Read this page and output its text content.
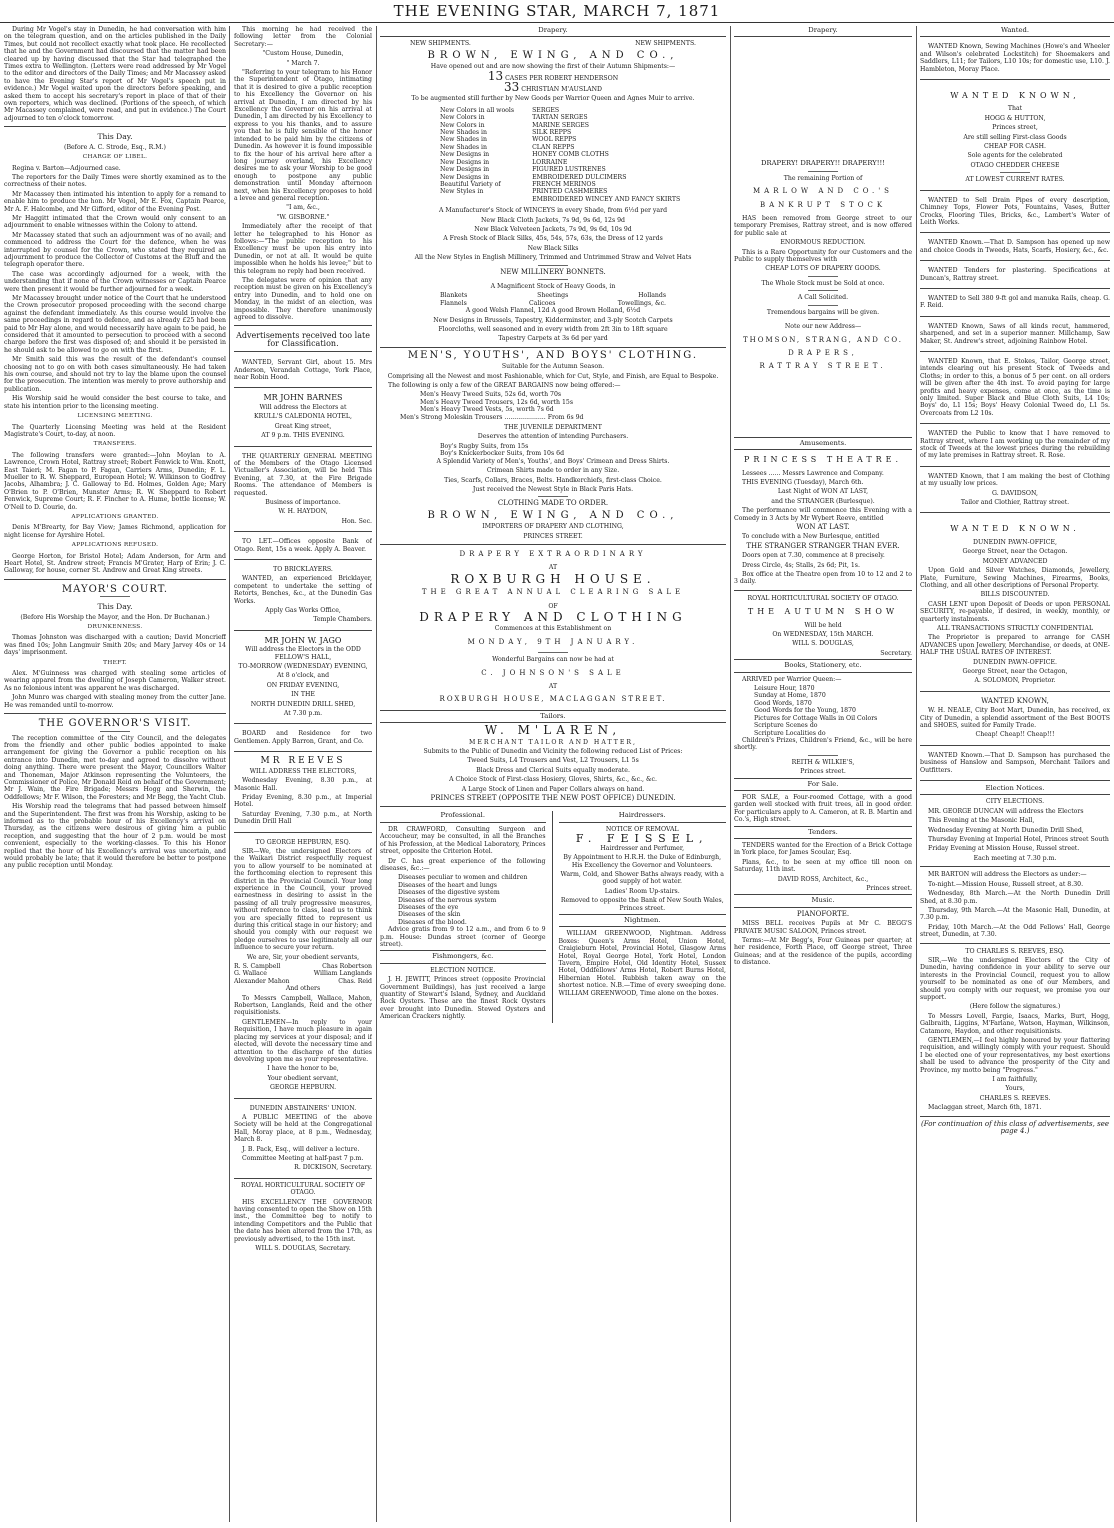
THE EVENING STAR, MARCH 7, 1871

During Mr Vogel's stay in Dunedin, he had conversation with him on the telegram question, and on the articles published in the Daily Times, but could not recollect exactly what took place. He recollected that he and the Government had discoursed that the matter had been cleared up by having discussed that the Star had telegraphed the Times extra to Wellington. (Letters were read addressed by Mr Vogel to the editor and directors of the Daily Times; and Mr Macassey asked to have the Evening Star's report of Mr Vogel's speech put in evidence.) Mr Vogel waited upon the directors before speaking, and asked them to accept his secretary's report in place of that of their own reporters, which was declined. (Portions of the speech, of which Mr Macassey complained, were read, and put in evidence.) The Court adjourned to ten o'clock tomorrow.

This Day.

(Before A. C. Strode, Esq., R.M.)

CHARGE OF LIBEL.

Regina v. Barton—Adjourned case.

The reporters for the Daily Times were shortly examined as to the correctness of their notes.

Mr Macassey then intimated his intention to apply for a remand to enable him to produce the hon. Mr Vogel, Mr E. Fox, Captain Pearce, Mr A. F. Halcombe, and Mr Gifford, editor of the Evening Post.

Mr Haggitt intimated that the Crown would only consent to an adjournment to enable witnesses within the Colony to attend.

Mr Macassey stated that such an adjournment was of no avail; and commenced to address the Court for the defence, when he was interrupted by counsel for the Crown, who stated they required an adjournment to produce the Collector of Customs at the Bluff and the telegraph operator there.

The case was accordingly adjourned for a week, with the understanding that if none of the Crown witnesses or Captain Pearce were then present it would be further adjourned for a week.

Mr Macassey brought under notice of the Court that he understood the Crown prosecutor proposed proceeding with the second charge against the defendant immediately. As this course would involve the same proceedings in regard to defence, and as already £25 had been paid to Mr Hay alone, and would necessarily have again to be paid, he considered that it amounted to persecution to proceed with a second charge before the first was disposed of; and should it be persisted in he should ask to be allowed to go on with the first.

Mr Smith said this was the result of the defendant's counsel choosing not to go on with both cases simultaneously. He had taken his own course, and should not try to lay the blame upon the counsel for the prosecution. The intention was merely to prove authorship and publication.

His Worship said he would consider the best course to take, and state his intention prior to the licensing meeting.

LICENSING MEETING.

The Quarterly Licensing Meeting was held at the Resident Magistrate's Court, to-day, at noon.

TRANSFERS.

The following transfers were granted:—John Moylan to A. Lawrence, Crown Hotel, Rattray street; Robert Fenwick to Wm. Knott, East Taieri; M. Fagan to P. Fagan, Carriers Arms, Dunedin; F. L. Mueller to R. W. Sheppard, European Hotel; W. Wilkinson to Godfrey Jacobs, Alhambra; J. C. Galloway to Ed. Holmes, Golden Age; Mary O'Brien to P. O'Brien, Munster Arms; R. W. Sheppard to Robert Fenwick, Supreme Court; R. F. Fincher to A. Hume, bottle license; W. O'Neil to D. Courie, do.

APPLICATIONS GRANTED.

Denis M'Brearty, for Bay View; James Richmond, application for night license for Ayrshire Hotel.

APPLICATIONS REFUSED.

George Horton, for Bristol Hotel; Adam Anderson, for Arm and Heart Hotel, St. Andrew street; Francis M'Grater, Harp of Erin; J. C. Galloway, for house, corner St. Andrew and Great King streets.

MAYOR'S COURT.
This Day.

(Before His Worship the Mayor, and the Hon. Dr Buchanan.)

DRUNKENNESS.

Thomas Johnston was discharged with a caution; David Moncrieff was fined 10s; John Langmuir Smith 20s; and Mary Jarvey 40s or 14 days' imprisonment.

THEFT.

Alex. M'Guinness was charged with stealing some articles of wearing apparel from the dwelling of Joseph Cameron, Walker street. As no felonious intent was apparent he was discharged.

John Munro was charged with stealing money from the cutter Jane. He was remanded until to-morrow.

THE GOVERNOR'S VISIT.

The reception committee of the City Council, and the delegates from the friendly and other public bodies appointed to make arrangement for giving the Governor a public reception on his entrance into Dunedin, met to-day and agreed to dissolve without doing anything. There were present the Mayor, Councillors Walter and Thoneman, Major Atkinson representing the Volunteers, the Commissioner of Police, Mr Donald Reid on behalf of the Government; Mr J. Wain, the Fire Brigade; Messrs Hogg and Sherwin, the Oddfellows; Mr F. Wilson, the Foresters; and Mr Begg, the Yacht Club.

His Worship read the telegrams that had passed between himself and the Superintendent. The first was from his Worship, asking to be informed as to the probable hour of his Excellency's arrival on Thursday, as the citizens were desirous of giving him a public reception, and suggesting that the hour of 2 p.m. would be most convenient, especially to the working-classes. To this his Honor replied that the hour of his Excellency's arrival was uncertain, and would probably be late; that it would therefore be better to postpone any public reception until Monday.

This morning he had received the following letter from the Colonial Secretary:—

"Custom House, Dunedin,

" March 7.

"Referring to your telegram to his Honor the Superintendent of Otago, intimating that it is desired to give a public reception to his Excellency the Governor on his arrival at Dunedin, I am directed by his Excellency the Governor on his arrival at Dunedin, I am directed by his Excellency to express to you his thanks, and to assure you that he is fully sensible of the honor intended to be paid him by the citizens of Dunedin. As however it is found impossible to fix the hour of his arrival here after a long journey overland, his Excellency desires me to ask your Worship to be good enough to postpone any public demonstration until Monday afternoon next, when his Excellency proposes to hold a levee and general reception.

"I am, &c.,

"W. GISBORNE."

Immediately after the receipt of that letter he telegraphed to his Honor as follows:—"The public reception to his Excellency must be upon his entry into Dunedin, or not at all. It would be quite impossible when he holds his levee;" but to this telegram no reply had been received.

The delegates were of opinion that any reception must be given on his Excellency's entry into Dunedin, and to hold one on Monday, in the midst of an election, was impossible. They therefore unanimously agreed to dissolve.

Advertisements received too late for Classification.

WANTED, Servant Girl, about 15. Mrs Anderson, Verandah Cottage, York Place, near Robin Hood.

MR JOHN BARNES

Will address the Electors at

KRULL'S CALEDONIA HOTEL,

Great King street,

AT 9 p.m. THIS EVENING.

THE QUARTERLY GENERAL MEETING of the Members of the Otago Licensed Victualler's Association, will be held This Evening, at 7.30, at the Fire Brigade Rooms. The attendance of Members is requested.

Business of importance.

W. H. HAYDON,

Hon. Sec.

TO LET.—Offices opposite Bank of Otago. Rent, 15s a week. Apply A. Beaver.

TO BRICKLAYERS.

WANTED, an experienced Bricklayer, competent to undertake the setting of Retorts, Benches, &c., at the Dunedin Gas Works.

Apply Gas Works Office,

Temple Chambers.

MR JOHN W. JAGO

Will address the Electors in the ODD FELLOW'S HALL,

TO-MORROW (WEDNESDAY) EVENING,

At 8 o'clock, and

ON FRIDAY EVENING,

IN THE

NORTH DUNEDIN DRILL SHED,

At 7.30 p.m.

BOARD and Residence for two Gentlemen. Apply Barron, Grant, and Co.

MR REEVES

WILL ADDRESS THE ELECTORS,

Wednesday Evening, 8.30 p.m., at Masonic Hall.

Friday Evening, 8.30 p.m., at Imperial Hotel.

Saturday Evening, 7.30 p.m., at North Dunedin Drill Hall

TO GEORGE HEPBURN, ESQ.

SIR—We, the undersigned Electors of the Waikari District respectfully request you to allow yourself to be nominated at the forthcoming election to represent this district in the Provincial Council. Your long experience in the Council, your proved earnestness in desiring to assist in the passing of all truly progressive measures, without reference to class, lead us to think you are specially fitted to represent us during this critical stage in our history; and should you comply with our request we pledge ourselves to use legitimately all our influence to secure your return.

We are, Sir, your obedient servants,

R. S. Campbell	Chas Robertson

G. Wallace	William Langlands

Alexander Mahon	Chas. Reid

And others

To Messrs Campbell, Wallace, Mahon, Robertson, Langlands, Reid and the other requisitionists.

GENTLEMEN—In reply to your Requisition, I have much pleasure in again placing my services at your disposal; and if elected, will devote the necessary time and attention to the discharge of the duties devolving upon me as your representative.

I have the honor to be,

Your obedient servant,

GEORGE HEPBURN.

DUNEDIN ABSTAINERS' UNION.

A PUBLIC MEETING of the above Society will be held at the Congregational Hall, Moray place, at 8 p.m., Wednesday, March 8.

J. B. Pack, Esq., will deliver a lecture.

Committee Meeting at half-past 7 p.m.

R. DICKISON, Secretary.

ROYAL HORTICULTURAL SOCIETY OF OTAGO.

HIS EXCELLENCY THE GOVERNOR having consented to open the Show on 15th inst., the Committee beg to notify to intending Competitors and the Public that the date has been altered from the 17th, as previously advertised, to the 15th inst.

WILL S. DOUGLAS, Secretary.

Drapery.

NEW SHIPMENTS.	NEW SHIPMENTS.

BROWN, EWING, AND CO.,

Have opened out and are now showing the first of their Autumn Shipments:—

13 CASES PER ROBERT HENDERSON

33 CHRISTIAN M'AUSLAND

To be augmented still further by New Goods per Warrior Queen and Agnes Muir to arrive.

New Colors in all wools
New Colors in
New Colors in
New Shades in
New Shades in
New Shades in
New Designs in
New Designs in
New Designs in
New Designs in
Beautiful Variety of
New Styles in
SERGES
TARTAN SERGES
MARINE SERGES
SILK REPPS
WOOL REPPS
CLAN REPPS
HONEY COMB CLOTHS
LORRAINE
FIGURED LUSTRENES
EMBROIDERED DULCIMERS
FRENCH MERINOS
PRINTED CASHMERES
EMBROIDERED WINCEY AND FANCY SKIRTS

A Manufacturer's Stock of WINCEYS in every Shade, from 6½d per yard

New Black Cloth Jackets, 7s 9d, 9s 6d, 12s 9d

New Black Velveteen Jackets, 7s 9d, 9s 6d, 10s 9d

A Fresh Stock of Black Silks, 45s, 54s, 57s, 63s, the Dress of 12 yards

New Black Silks

All the New Styles in English Millinery, Trimmed and Untrimmed Straw and Velvet Hats

NEW MILLINERY BONNETS.

A Magnificent Stock of Heavy Goods, in

Blankets	Sheetings	Hollands

Flannels	Calicoes	Towellings, &c.

A good Welsh Flannel, 12d A good Brown Holland, 6½d

New Designs in Brussels, Tapestry, Kidderminster, and 3-ply Scotch Carpets

Floorcloths, well seasoned and in every width from 2ft 3in to 18ft square

Tapestry Carpets at 3s 6d per yard

MEN'S, YOUTHS', AND BOYS' CLOTHING.

Suitable for the Autumn Season.

Comprising all the Newest and most Fashionable, which for Cut, Style, and Finish, are Equal to Bespoke.

The following is only a few of the GREAT BARGAINS now being offered:—

Men's Heavy Tweed Suits, 52s 6d, worth 70s

Men's Heavy Tweed Trousers, 12s 6d, worth 15s

Men's Heavy Tweed Vests, 5s, worth 7s 6d

Men's Strong Moleskin Trousers ..................... From 6s 9d

THE JUVENILE DEPARTMENT

Deserves the attention of intending Purchasers.

Boy's Rugby Suits, from 15s

Boy's Knickerbocker Suits, from 10s 6d

A Splendid Variety of Men's, Youths', and Boys' Crimean and Dress Shirts.

Crimean Shirts made to order in any Size.

Ties, Scarfs, Collars, Braces, Belts. Handkerchiefs, first-class Choice.

Just received the Newest Style in Black Paris Hats.

CLOTHING MADE TO ORDER.

BROWN, EWING, AND CO.,

IMPORTERS OF DRAPERY AND CLOTHING,

PRINCES STREET.

DRAPERY EXTRAORDINARY

AT

ROXBURGH HOUSE.

THE GREAT ANNUAL CLEARING SALE

OF

DRAPERY AND CLOTHING

Commences at this Establishment on

MONDAY, 9TH JANUARY.

Wonderful Bargains can now be had at

C. JOHNSON'S SALE

AT

ROXBURGH HOUSE, MACLAGGAN STREET.

Tailors.
W. M'LAREN,

MERCHANT TAILOR AND HATTER,

Submits to the Public of Dunedin and Vicinity the following reduced List of Prices:

Tweed Suits, L4 Trousers and Vest, L2 Trousers, L1 5s

Black Dress and Clerical Suits equally moderate.

A Choice Stock of First-class Hosiery, Gloves, Shirts, &c., &c., &c.

A Large Stock of Linen and Paper Collars always on hand.

PRINCES STREET (OPPOSITE THE NEW POST OFFICE) DUNEDIN.

Professional.

DR CRAWFORD, Consulting Surgeon and Accoucheur, may be consulted, in all the Branches of his Profession, at the Medical Laboratory, Princes street, opposite the Criterion Hotel.

Dr C. has great experience of the following diseases, &c.:—

Diseases peculiar to women and children
Diseases of the heart and lungs
Diseases of the digestive system
Diseases of the nervous system
Diseases of the eye
Diseases of the skin
Diseases of the blood.

Advice gratis from 9 to 12 a.m., and from 6 to 9 p.m. House: Dundas street (corner of George street).

Fishmongers, &c.

ELECTION NOTICE.

J. H. JEWITT, Princes street (opposite Provincial Government Buildings), has just received a large quantity of Stewart's Island, Sydney, and Auckland Rock Oysters. These are the finest Rock Oysters ever brought into Dunedin. Stewed Oysters and American Crackers nightly.

Hairdressers.

NOTICE OF REMOVAL

F. FEISSEL,

Hairdresser and Perfumer,

By Appointment to H.R.H. the Duke of Edinburgh, His Excellency the Governor and Volunteers.

Warm, Cold, and Shower Baths always ready, with a good supply of hot water.

Ladies' Room Up-stairs.

Removed to opposite the Bank of New South Wales, Princes street.

Nightmen.

WILLIAM GREENWOOD, Nightman. Address Boxes: Queen's Arms Hotel, Union Hotel, Craigieburn Hotel, Provincial Hotel, Glasgow Arms Hotel, Royal George Hotel, York Hotel, London Tavern, Empire Hotel, Old Identity Hotel, Sussex Hotel, Oddfellows' Arms Hotel, Robert Burns Hotel, Hibernian Hotel. Rubbish taken away on the shortest notice. N.B.—Time of every sweeping done. WILLIAM GREENWOOD, Time alone on the boxes.

Drapery.

DRAPERY! DRAPERY!! DRAPERY!!!

The remaining Portion of

MARLOW AND CO.'S

BANKRUPT STOCK

HAS been removed from George street to our temporary Premises, Rattray street, and is now offered for public sale at

ENORMOUS REDUCTION.

This is a Rare Opportunity for our Customers and the Public to supply themselves with

CHEAP LOTS OF DRAPERY GOODS.

The Whole Stock must be Sold at once.

A Call Solicited.

Tremendous bargains will be given.

Note our new Address—

THOMSON, STRANG, AND CO.

DRAPERS,

RATTRAY STREET.

Amusements.

PRINCESS THEATRE.

Lessees ...... Messrs Lawrence and Company.

THIS EVENING (Tuesday), March 6th.

Last Night of WON AT LAST,

and the STRANGER (Burlesque).

The performance will commence this Evening with a Comedy in 3 Acts by Mr Wybert Reeve, entitled

WON AT LAST.

To conclude with a New Burlesque, entitled

THE STRANGER STRANGER THAN EVER.

Doors open at 7.30, commence at 8 precisely.

Dress Circle, 4s; Stalls, 2s 6d; Pit, 1s.

Box office at the Theatre open from 10 to 12 and 2 to 3 daily.

ROYAL HORTICULTURAL SOCIETY OF OTAGO.

THE AUTUMN SHOW

Will be held

On WEDNESDAY, 15th MARCH.

WILL S. DOUGLAS,

Secretary.

Books, Stationery, etc.

ARRIVED per Warrior Queen:—

Leisure Hour, 1870
Sunday at Home, 1870
Good Words, 1870
Good Words for the Young, 1870
Pictures for Cottage Walls in Oil Colors
Scripture Scenes do
Scripture Localities do

Children's Prizes, Children's Friend, &c., will be here shortly.

REITH & WILKIE'S,

Princes street.

For Sale.

FOR SALE, a Four-roomed Cottage, with a good garden well stocked with fruit trees, all in good order. For particulars apply to A. Cameron, at R. B. Martin and Co.'s, High street.

Tenders.

TENDERS wanted for the Erection of a Brick Cottage in York place, for James Scoular, Esq.

Plans, &c., to be seen at my office till noon on Saturday, 11th inst.

DAVID ROSS, Architect, &c.,

Princes street.

Music.

PIANOFORTE.

MISS BELL receives Pupils at Mr C. BEGG'S PRIVATE MUSIC SALOON, Princes street.

Terms:—At Mr Begg's, Four Guineas per quarter; at her residence, Forth Place, off George street, Three Guineas; and at the residence of the pupils, according to distance.

Wanted.

WANTED Known, Sewing Machines (Howe's and Wheeler and Wilson's celebrated Lockstitch) for Shoemakers and Saddlers, L11; for Tailors, L10 10s; for domestic use, L10. J. Hambleton, Moray Place.

WANTED KNOWN,

That

HOGG & HUTTON,

Princes street,

Are still selling First-class Goods

CHEAP FOR CASH.

Sole agents for the celebrated

OTAGO CHEDDER CHEESE

AT LOWEST CURRENT RATES.

WANTED to Sell Drain Pipes of every description, Chimney Tops, Flower Pots, Fountains, Vases, Butter Crocks, Flooring Tiles, Bricks, &c., Lambert's Water of Leith Works.

WANTED Known.—That D. Sampson has opened up new and choice Goods in Tweeds, Hats, Scarfs, Hosiery, &c., &c.

WANTED Tenders for plastering. Specifications at Duncan's, Rattray street.

WANTED to Sell 380 9-ft gol and manuka Rails, cheap. G. F. Reid.

WANTED Known, Saws of all kinds recut, hammered, sharpened, and set in a superior manner. Millchamp, Saw Maker, St. Andrew's street, adjoining Rainbow Hotel.

WANTED Known, that E. Stokes, Tailor, George street, intends clearing out his present Stock of Tweeds and Cloths; in order to this, a bonus of 5 per cent. on all orders will be given after the 4th inst. To avoid paying for large profits and heavy expenses, come at once, as the time is only limited. Super Black and Blue Cloth Suits, L4 10s; Boys' do, L1 15s; Boys' Heavy Colonial Tweed do, L1 5s. Overcoats from L2 10s.

WANTED the Public to know that I have removed to Rattray street, where I am working up the remainder of my stock of Tweeds at the lowest prices during the rebuilding of my late premises in Rattray street. R. Rose.

WANTED Known, that I am making the best of Clothing at my usually low prices.

G. DAVIDSON,

Tailor and Clothier, Rattray street.

WANTED KNOWN.

DUNEDIN PAWN-OFFICE,

George Street, near the Octagon.

MONEY ADVANCED

Upon Gold and Silver Watches, Diamonds, Jewellery, Plate, Furniture, Sewing Machines, Firearms, Books, Clothing, and all other descriptions of Personal Property.

BILLS DISCOUNTED.

CASH LENT upon Deposit of Deeds or upon PERSONAL SECURITY, re-payable, if desired, in weekly, monthly, or quarterly instalments.

ALL TRANSACTIONS STRICTLY CONFIDENTIAL

The Proprietor is prepared to arrange for CASH ADVANCES upon Jewellery, Merchandise, or deeds, at ONE-HALF THE USUAL RATES OF INTEREST.

DUNEDIN PAWN-OFFICE.

George Street, near the Octagon,

A. SOLOMON, Proprietor.

WANTED KNOWN,

W. H. NEALE, City Boot Mart, Dunedin, has received, ex City of Dunedin, a splendid assortment of the Best BOOTS and SHOES, suited for Family Trade.

Cheap! Cheap!! Cheap!!!

WANTED Known.—That D. Sampson has purchased the business of Hanslow and Sampson, Merchant Tailors and Outfitters.

Election Notices.

CITY ELECTIONS.

MR. GEORGE DUNCAN will address the Electors

This Evening at the Masonic Hall,

Wednesday Evening at North Dunedin Drill Shed,

Thursday Evening at Imperial Hotel, Princes street South

Friday Evening at Mission House, Russel street.

Each meeting at 7.30 p.m.

MR BARTON will address the Electors as under:—

To-night.—Mission House, Russell street, at 8.30.

Wednesday, 8th March.—At the North Dunedin Drill Shed, at 8.30 p.m.

Thursday, 9th March.—At the Masonic Hall, Dunedin, at 7.30 p.m.

Friday, 10th March.—At the Odd Fellows' Hall, George street, Dunedin, at 7.30.

TO CHARLES S. REEVES, ESQ.

SIR,—We the undersigned Electors of the City of Dunedin, having confidence in your ability to serve our interests in the Provincial Council, request you to allow yourself to be nominated as one of our Members, and should you comply with our request, we promise you our support.

(Here follow the signatures.)

To Messrs Lovell, Fargie, Isaacs, Marks, Burt, Hogg, Galbraith, Liggins, M'Farlane, Watson, Hayman, Wilkinson, Catamore, Haydon, and other requisitionists.

GENTLEMEN,—I feel highly honoured by your flattering requisition, and willingly comply with your request. Should I be elected one of your representatives, my best exertions shall be used to advance the prosperity of the City and Province, my motto being "Progress."

I am faithfully,

Yours,

CHARLES S. REEVES.

Maclaggan street, March 6th, 1871.

(For continuation of this class of advertisements, see page 4.)
